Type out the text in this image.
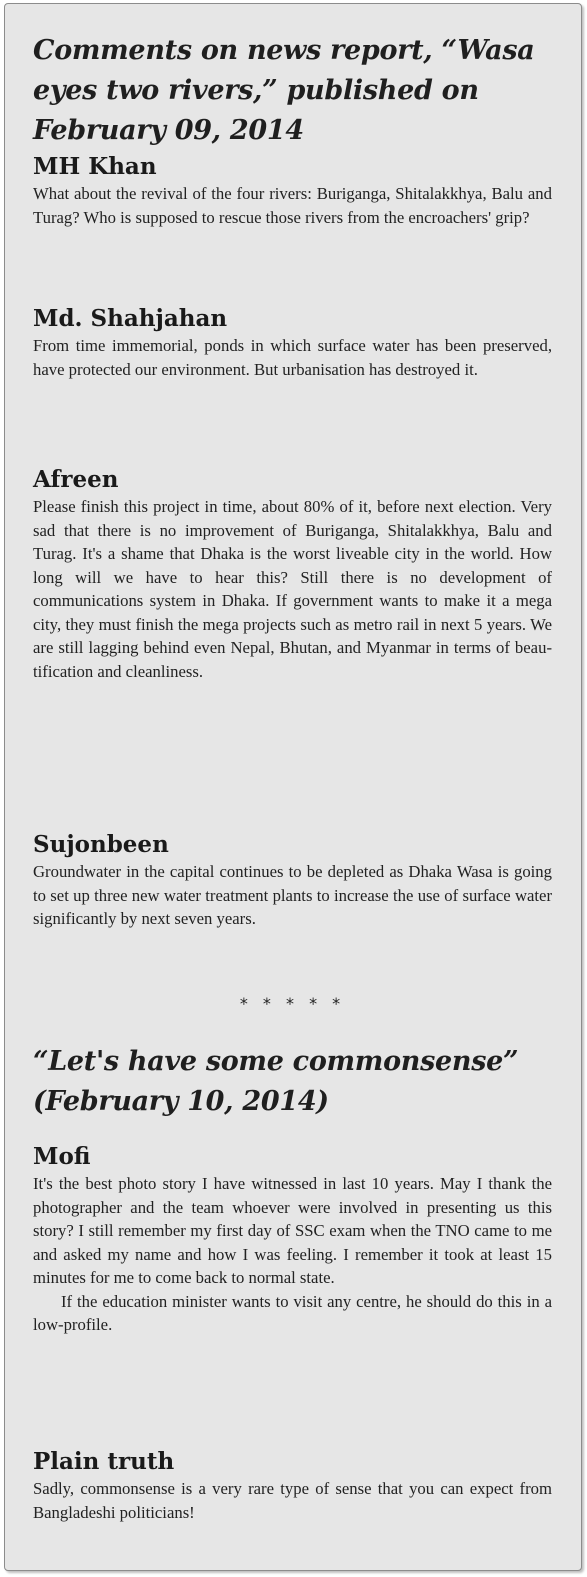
Comments on news report, “Wasa eyes two rivers,” published on February 09, 2014
MH Khan

What about the revival of the four rivers: Buriganga, Shitalakkhya, Balu and Turag? Who is supposed to rescue those rivers from the encroachers' grip?

Md. Shahjahan

From time immemorial, ponds in which surface water has been preserved, have protected our environment. But urbanisation has destroyed it.

Afreen

Please finish this project in time, about 80% of it, before next election. Very sad that there is no improvement of Buriganga, Shitalakkhya, Balu and Turag. It's a shame that Dhaka is the worst liveable city in the world. How long will we have to hear this? Still there is no development of communications system in Dhaka. If government wants to make it a mega city, they must finish the mega projects such as metro rail in next 5 years. We are still lagging behind even Nepal, Bhutan, and Myanmar in terms of beautification and cleanliness.

Sujonbeen

Groundwater in the capital continues to be depleted as Dhaka Wasa is going to set up three new water treatment plants to increase the use of surface water significantly by next seven years.

* * * * *
“Let's have some commonsense” (February 10, 2014)
Mofi

It's the best photo story I have witnessed in last 10 years. May I thank the photographer and the team whoever were involved in presenting us this story? I still remember my first day of SSC exam when the TNO came to me and asked my name and how I was feeling. I remember it took at least 15 minutes for me to come back to normal state.

If the education minister wants to visit any centre, he should do this in a low-profile.

Plain truth

Sadly, commonsense is a very rare type of sense that you can expect from Bangladeshi politicians!
